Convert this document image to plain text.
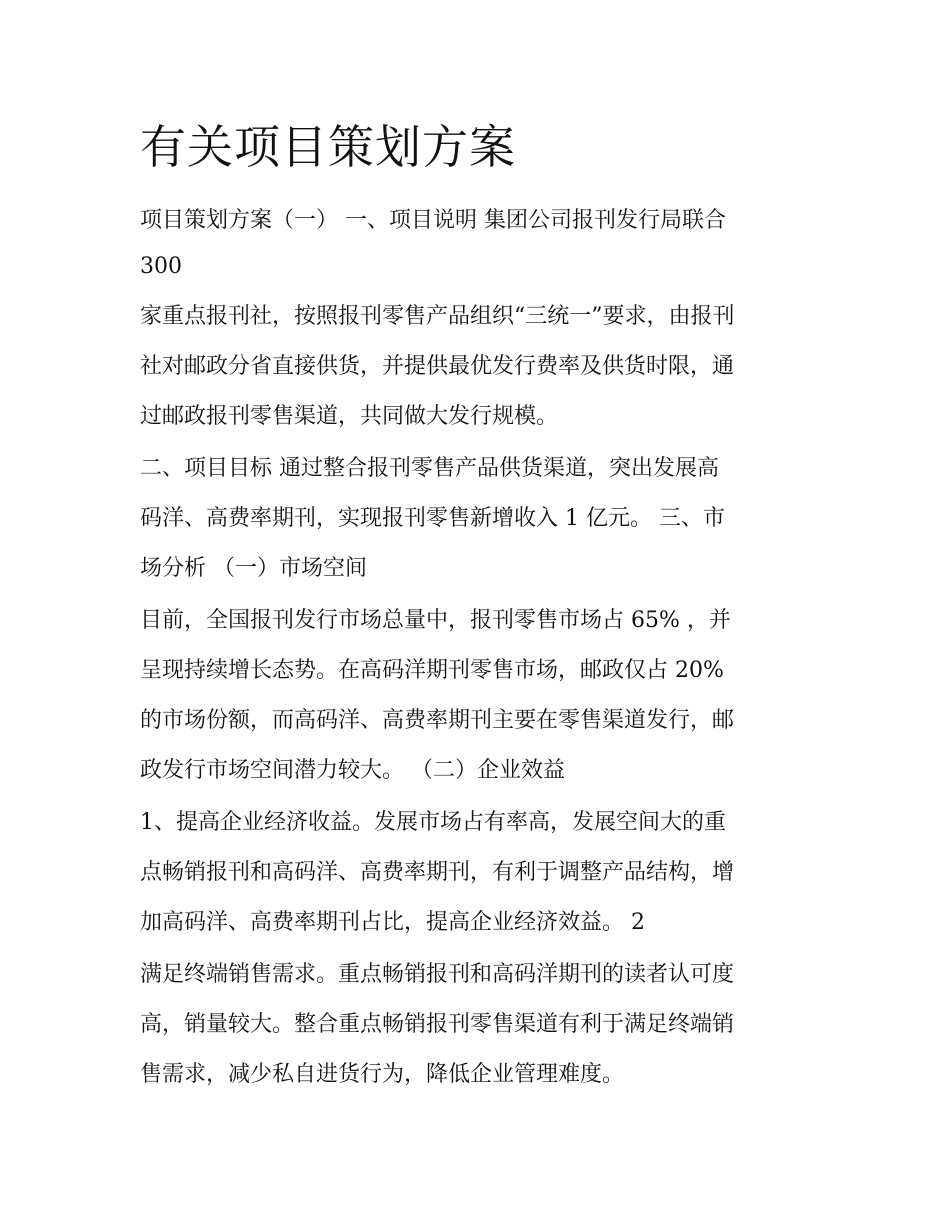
有关项目策划方案

项目策划方案（一） 一、项目说明 集团公司报刊发行局联合

300

家重点报刊社，按照报刊零售产品组织“三统一”要求，由报刊

社对邮政分省直接供货，并提供最优发行费率及供货时限，通

过邮政报刊零售渠道，共同做大发行规模。

二、项目目标 通过整合报刊零售产品供货渠道，突出发展高

码洋、高费率期刊，实现报刊零售新增收入 1 亿元。 三、市

场分析 （一）市场空间

目前，全国报刊发行市场总量中，报刊零售市场占 65% ，并

呈现持续增长态势。在高码洋期刊零售市场，邮政仅占 20%

的市场份额，而高码洋、高费率期刊主要在零售渠道发行，邮

政发行市场空间潜力较大。 （二）企业效益

1、提高企业经济收益。发展市场占有率高，发展空间大的重

点畅销报刊和高码洋、高费率期刊，有利于调整产品结构，增

加高码洋、高费率期刊占比，提高企业经济效益。 2

满足终端销售需求。重点畅销报刊和高码洋期刊的读者认可度

高，销量较大。整合重点畅销报刊零售渠道有利于满足终端销

售需求，减少私自进货行为，降低企业管理难度。
